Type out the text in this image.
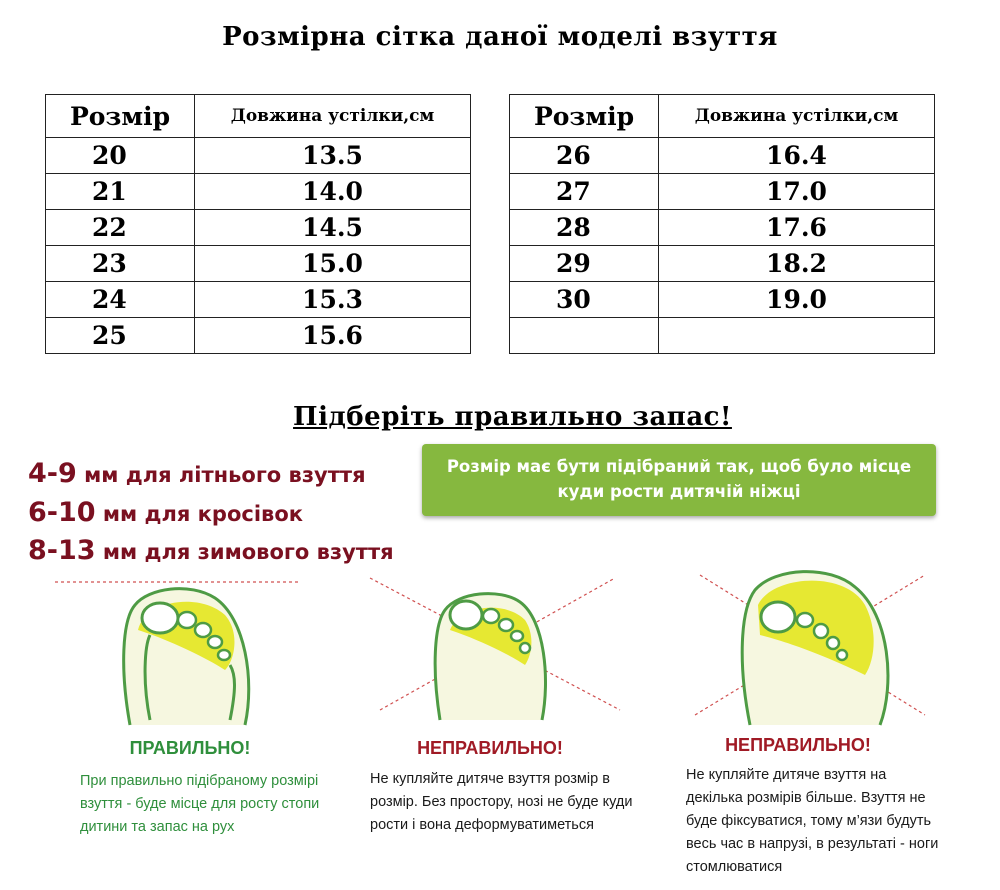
Розмірна сітка даної моделі взуття
Розмір	Довжина устілки,см
20	13.5
21	14.0
22	14.5
23	15.0
24	15.3
25	15.6
Розмір	Довжина устілки,см
26	16.4
27	17.0
28	17.6
29	18.2
30	19.0

Підберіть правильно запас!
4-9 мм для літнього взуття
6-10 мм для кросівок
8-13 мм для зимового взуття
Розмір має бути підібраний так, щоб було місце куди рости дитячій ніжці
ПРАВИЛЬНО!	НЕПРАВИЛЬНО!	НЕПРАВИЛЬНО!
При правильно підібраному розмірі взуття - буде місце для росту стопи дитини та запас на рух
Не купляйте дитяче взуття розмір в розмір. Без простору, нозі не буде куди рости і вона деформуватиметься
Не купляйте дитяче взуття на декілька розмірів більше. Взуття не буде фіксуватися, тому м’язи будуть весь час в напрузі, в результаті - ноги стомлюватися
